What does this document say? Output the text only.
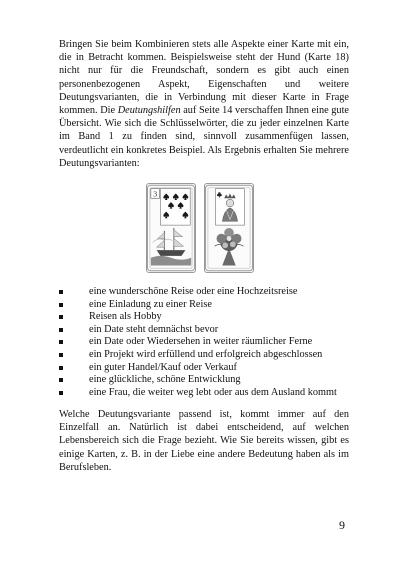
Bringen Sie beim Kombinieren stets alle Aspekte einer Karte mit ein, die in Betracht kommen. Beispielsweise steht der Hund (Karte 18) nicht nur für die Freundschaft, sondern es gibt auch einen personenbezogenen Aspekt, Eigenschaften und weitere Deutungsvarianten, die in Verbindung mit dieser Karte in Frage kommen. Die Deutungshilfen auf Seite 14 verschaffen Ihnen eine gute Übersicht. Wie sich die Schlüsselwörter, die zu jeder einzelnen Karte im Band 1 zu finden sind, sinnvoll zusammenfügen lassen, verdeutlicht ein konkretes Beispiel. Als Ergebnis erhalten Sie mehrere Deutungsvarianten:

3
eine wunderschöne Reise oder eine Hochzeitsreise
eine Einladung zu einer Reise
Reisen als Hobby
ein Date steht demnächst bevor
ein Date oder Wiedersehen in weiter räumlicher Ferne
ein Projekt wird erfüllend und erfolgreich abgeschlossen
ein guter Handel/Kauf oder Verkauf
eine glückliche, schöne Entwicklung
eine Frau, die weiter weg lebt oder aus dem Ausland kommt

Welche Deutungsvariante passend ist, kommt immer auf den Einzelfall an. Natürlich ist dabei entscheidend, auf welchen Lebensbereich sich die Frage bezieht. Wie Sie bereits wissen, gibt es einige Karten, z. B. in der Liebe eine andere Bedeutung haben als im Berufsleben.

9
